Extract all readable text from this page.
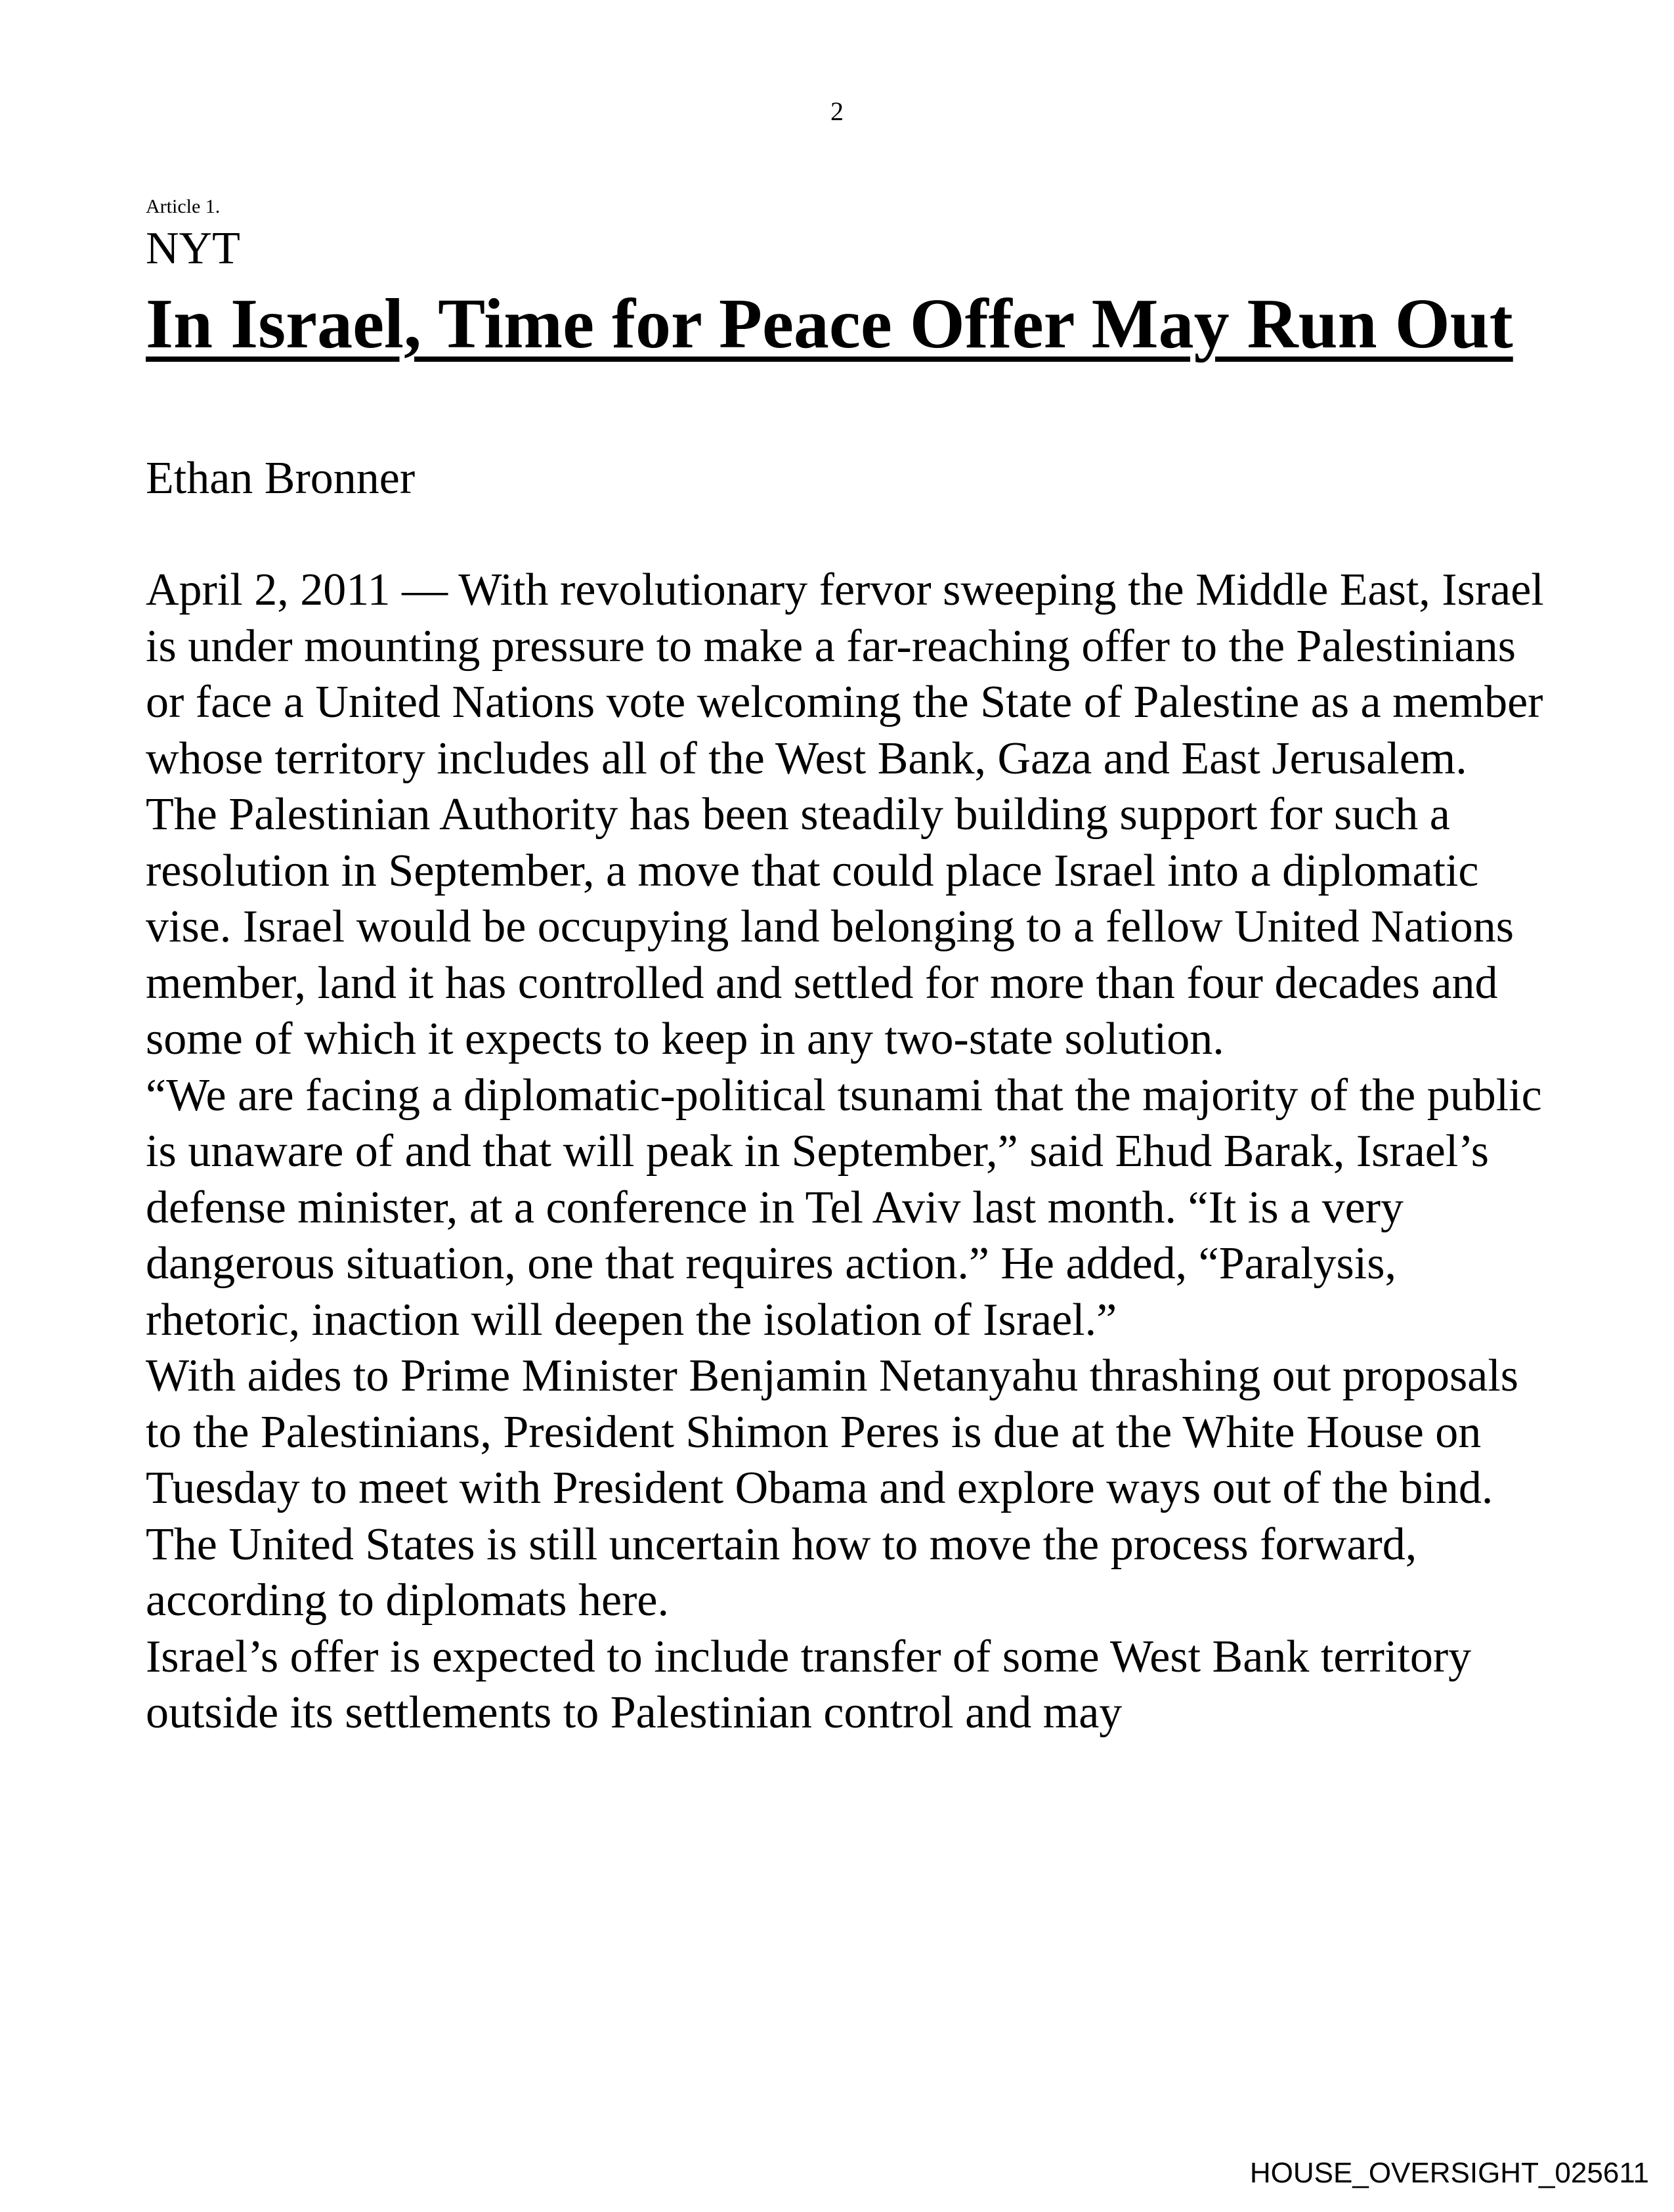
2
Article 1.
NYT
In Israel, Time for Peace Offer May Run Out
Ethan Bronner

April 2, 2011 — With revolutionary fervor sweeping the Middle East, Israel is under mounting pressure to make a far-reaching offer to the Palestinians or face a United Nations vote welcoming the State of Palestine as a member whose territory includes all of the West Bank, Gaza and East Jerusalem.

The Palestinian Authority has been steadily building support for such a resolution in September, a move that could place Israel into a diplomatic vise. Israel would be occupying land belonging to a fellow United Nations member, land it has controlled and settled for more than four decades and some of which it expects to keep in any two-state solution.

“We are facing a diplomatic-political tsunami that the majority of the public is unaware of and that will peak in September,” said Ehud Barak, Israel’s defense minister, at a conference in Tel Aviv last month. “It is a very dangerous situation, one that requires action.” He added, “Paralysis, rhetoric, inaction will deepen the isolation of Israel.”

With aides to Prime Minister Benjamin Netanyahu thrashing out proposals to the Palestinians, President Shimon Peres is due at the White House on Tuesday to meet with President Obama and explore ways out of the bind. The United States is still uncertain how to move the process forward, according to diplomats here.

Israel’s offer is expected to include transfer of some West Bank territory outside its settlements to Palestinian control and may

HOUSE_OVERSIGHT_025611
